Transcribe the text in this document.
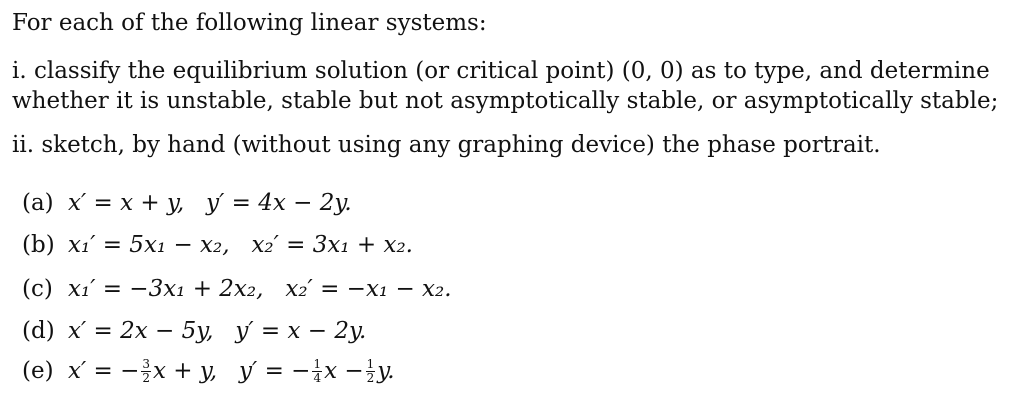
For each of the following linear systems:
i. classify the equilibrium solution (or critical point) (0, 0) as to type, and determine
whether it is unstable, stable but not asymptotically stable, or asymptotically stable;
ii. sketch, by hand (without using any graphing device) the phase portrait.
(a) x′ = x + y,   y′ = 4x − 2y.
(b) x₁′ = 5x₁ − x₂,   x₂′ = 3x₁ + x₂.
(c) x₁′ = −3x₁ + 2x₂,   x₂′ = −x₁ − x₂.
(d) x′ = 2x − 5y,   y′ = x − 2y.
(e) x′ = − $\frac{3}{2}$ x + y,   y′ = − $\frac{1}{4}$ $x - \frac{1}{2} y$.
